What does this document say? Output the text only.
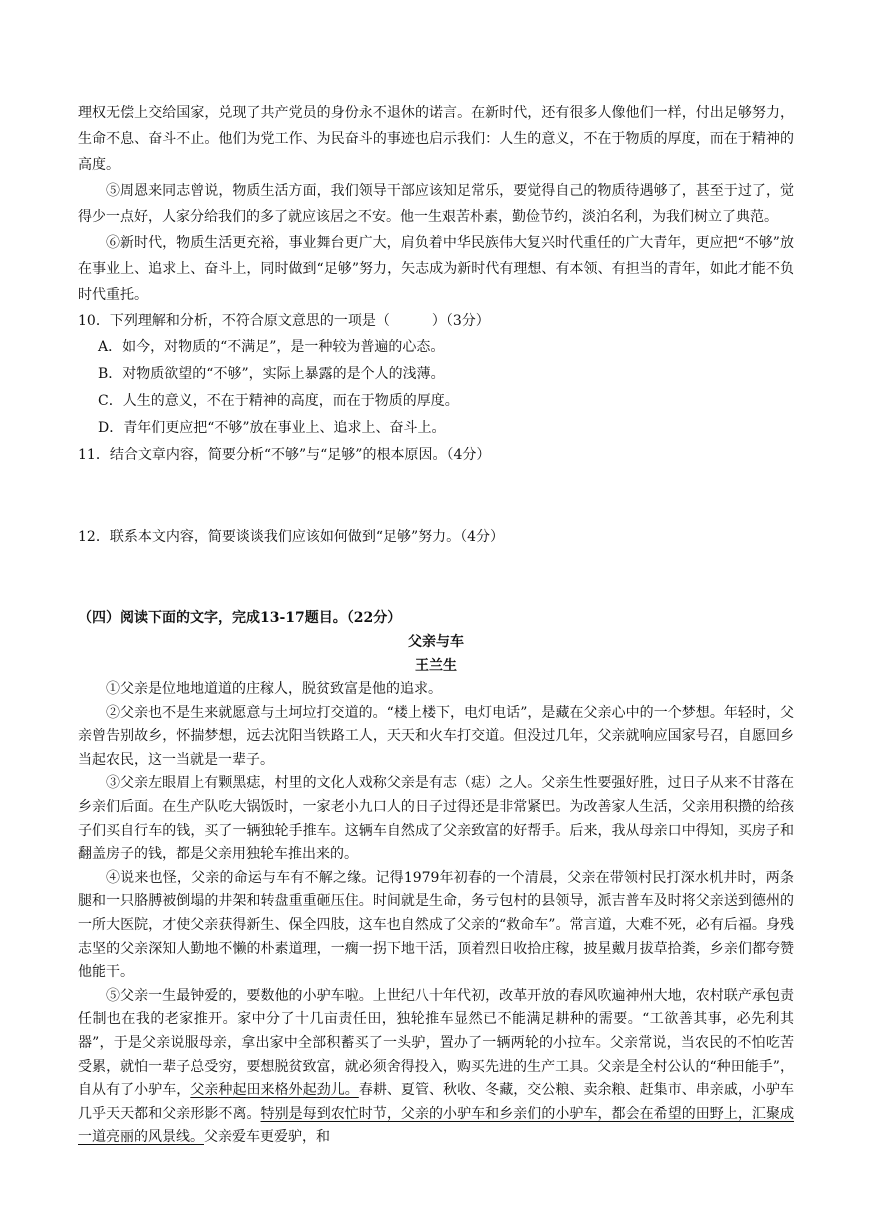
理权无偿上交给国家，兑现了共产党员的身份永不退休的诺言。在新时代，还有很多人像他们一样，付出足够努力，生命不息、奋斗不止。他们为党工作、为民奋斗的事迹也启示我们：人生的意义，不在于物质的厚度，而在于精神的高度。

⑤周恩来同志曾说，物质生活方面，我们领导干部应该知足常乐，要觉得自己的物质待遇够了，甚至于过了，觉得少一点好，人家分给我们的多了就应该居之不安。他一生艰苦朴素，勤俭节约，淡泊名利，为我们树立了典范。

⑥新时代，物质生活更充裕，事业舞台更广大，肩负着中华民族伟大复兴时代重任的广大青年，更应把“不够”放在事业上、追求上、奋斗上，同时做到“足够”努力，矢志成为新时代有理想、有本领、有担当的青年，如此才能不负时代重托。

10．下列理解和分析，不符合原文意思的一项是（　　　）（3分）

A．如今，对物质的“不满足”，是一种较为普遍的心态。

B．对物质欲望的“不够”，实际上暴露的是个人的浅薄。

C．人生的意义，不在于精神的高度，而在于物质的厚度。

D．青年们更应把“不够”放在事业上、追求上、奋斗上。

11．结合文章内容，简要分析“不够”与“足够”的根本原因。（4分）

12．联系本文内容，简要谈谈我们应该如何做到“足够”努力。（4分）

（四）阅读下面的文字，完成13-17题目。（22分）

父亲与车

王兰生

①父亲是位地地道道的庄稼人，脱贫致富是他的追求。

②父亲也不是生来就愿意与土坷垃打交道的。“楼上楼下，电灯电话”，是藏在父亲心中的一个梦想。年轻时，父亲曾告别故乡，怀揣梦想，远去沈阳当铁路工人，天天和火车打交道。但没过几年，父亲就响应国家号召，自愿回乡当起农民，这一当就是一辈子。

③父亲左眼眉上有颗黑痣，村里的文化人戏称父亲是有志（痣）之人。父亲生性要强好胜，过日子从来不甘落在乡亲们后面。在生产队吃大锅饭时，一家老小九口人的日子过得还是非常紧巴。为改善家人生活，父亲用积攒的给孩子们买自行车的钱，买了一辆独轮手推车。这辆车自然成了父亲致富的好帮手。后来，我从母亲口中得知，买房子和翻盖房子的钱，都是父亲用独轮车推出来的。

④说来也怪，父亲的命运与车有不解之缘。记得1979年初春的一个清晨，父亲在带领村民打深水机井时，两条腿和一只胳膊被倒塌的井架和转盘重重砸压住。时间就是生命，务亏包村的县领导，派吉普车及时将父亲送到德州的一所大医院，才使父亲获得新生、保全四肢，这车也自然成了父亲的“救命车”。常言道，大难不死，必有后福。身残志坚的父亲深知人勤地不懒的朴素道理，一瘸一拐下地干活，顶着烈日收拾庄稼，披星戴月拔草拾粪，乡亲们都夸赞他能干。

⑤父亲一生最钟爱的，要数他的小驴车啦。上世纪八十年代初，改革开放的春风吹遍神州大地，农村联产承包责任制也在我的老家推开。家中分了十几亩责任田，独轮推车显然已不能满足耕种的需要。“工欲善其事，必先利其器”，于是父亲说服母亲，拿出家中全部积蓄买了一头驴，置办了一辆两轮的小拉车。父亲常说，当农民的不怕吃苦受累，就怕一辈子总受穷，要想脱贫致富，就必须舍得投入，购买先进的生产工具。父亲是全村公认的“种田能手”，自从有了小驴车，父亲种起田来格外起劲儿。春耕、夏管、秋收、冬藏，交公粮、卖余粮、赶集市、串亲戚，小驴车几乎天天都和父亲形影不离。特别是每到农忙时节，父亲的小驴车和乡亲们的小驴车，都会在希望的田野上，汇聚成一道亮丽的风景线。父亲爱车更爱驴，和
